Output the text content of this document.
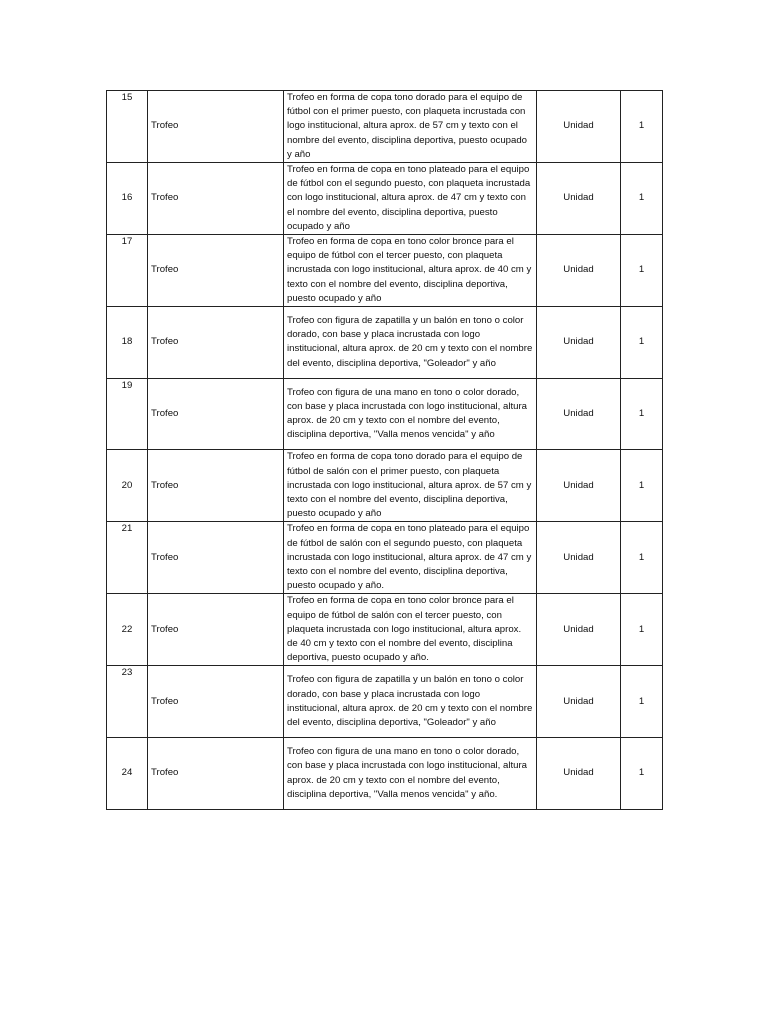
15	Trofeo	Trofeo en forma de copa tono dorado para el equipo de fútbol con el primer puesto, con plaqueta incrustada con logo institucional, altura aprox. de 57 cm y texto con el nombre del evento, disciplina deportiva, puesto ocupado y año	Unidad	1
16	Trofeo	Trofeo en forma de copa en tono plateado para el equipo de fútbol con el segundo puesto, con plaqueta incrustada con logo institucional, altura aprox. de 47 cm y texto con el nombre del evento, disciplina deportiva, puesto ocupado y año	Unidad	1
17	Trofeo	Trofeo en forma de copa en tono color bronce para el equipo de fútbol con el tercer puesto, con plaqueta incrustada con logo institucional, altura aprox. de 40 cm y texto con el nombre del evento, disciplina deportiva, puesto ocupado y año	Unidad	1
18	Trofeo	Trofeo con figura de zapatilla y un balón en tono o color dorado, con base y placa incrustada con logo institucional, altura aprox. de 20 cm y texto con el nombre del evento, disciplina deportiva, "Goleador" y año	Unidad	1
19	Trofeo	Trofeo con figura de una mano en tono o color dorado, con base y placa incrustada con logo institucional, altura aprox. de 20 cm y texto con el nombre del evento, disciplina deportiva, "Valla menos vencida" y año	Unidad	1
20	Trofeo	Trofeo en forma de copa tono dorado para el equipo de fútbol de salón con el primer puesto, con plaqueta incrustada con logo institucional, altura aprox. de 57 cm y texto con el nombre del evento, disciplina deportiva, puesto ocupado y año	Unidad	1
21	Trofeo	Trofeo en forma de copa en tono plateado para el equipo de fútbol de salón con el segundo puesto, con plaqueta incrustada con logo institucional, altura aprox. de 47 cm y texto con el nombre del evento, disciplina deportiva, puesto ocupado y año.	Unidad	1
22	Trofeo	Trofeo en forma de copa en tono color bronce para el equipo de fútbol de salón con el tercer puesto, con plaqueta incrustada con logo institucional, altura aprox. de 40 cm y texto con el nombre del evento, disciplina deportiva, puesto ocupado y año.	Unidad	1
23	Trofeo	Trofeo con figura de zapatilla y un balón en tono o color dorado, con base y placa incrustada con logo institucional, altura aprox. de 20 cm y texto con el nombre del evento, disciplina deportiva, "Goleador" y año	Unidad	1
24	Trofeo	Trofeo con figura de una mano en tono o color dorado, con base y placa incrustada con logo institucional, altura aprox. de 20 cm y texto con el nombre del evento, disciplina deportiva, "Valla menos vencida" y año.	Unidad	1
